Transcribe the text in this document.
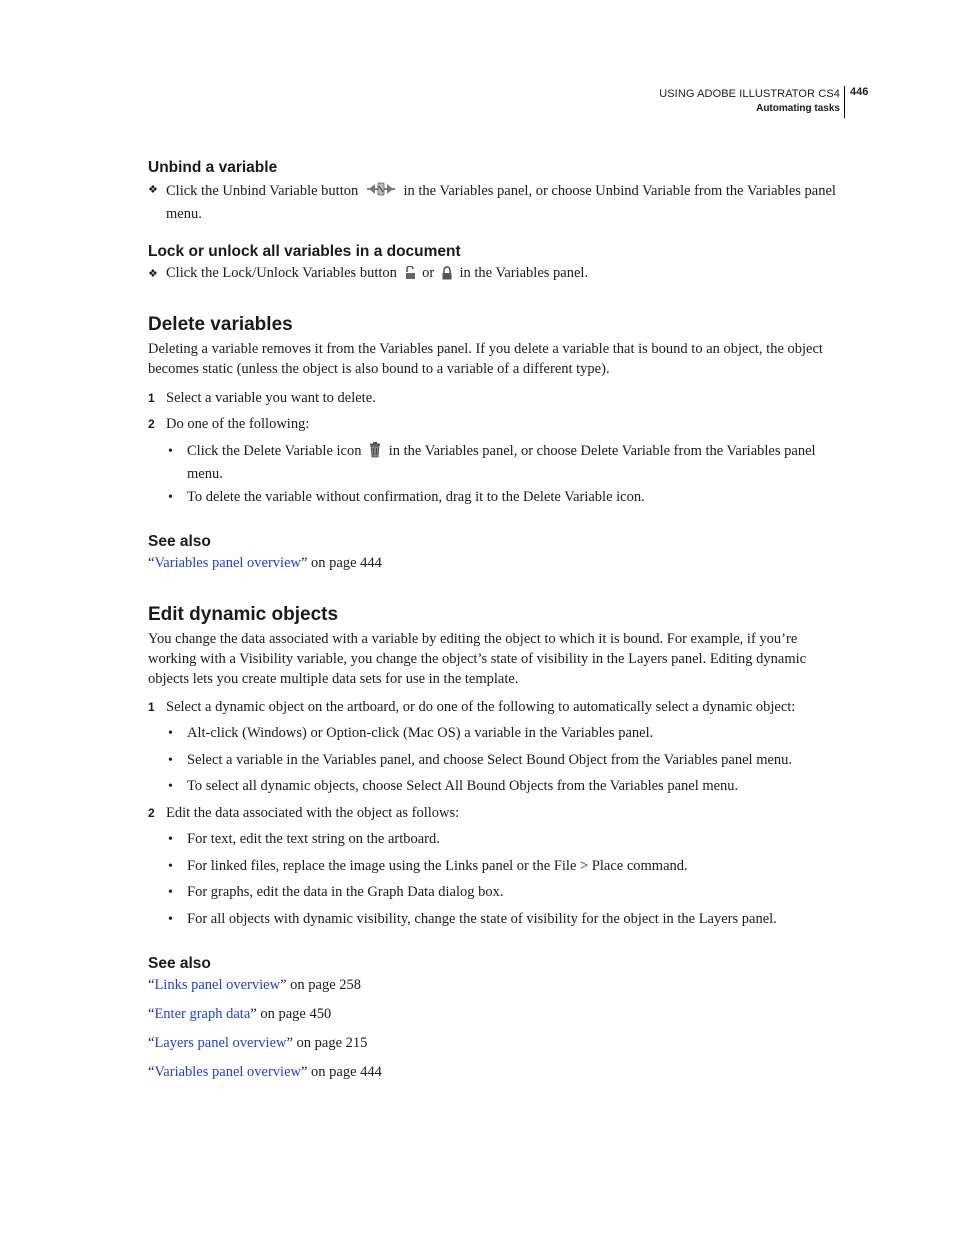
USING ADOBE ILLUSTRATOR CS4
Automating tasks
446
Unbind a variable
❖ Click the Unbind Variable button	in the Variables panel, or choose Unbind Variable from the Variables panel menu.

Lock or unlock all variables in a document
❖ Click the Lock/Unlock Variables button or in the Variables panel.

Delete variables

Deleting a variable removes it from the Variables panel. If you delete a variable that is bound to an object, the object becomes static (unless the object is also bound to a variable of a different type).

1 Select a variable you want to delete.

2 Do one of the following:

• Click the Delete Variable icon in the Variables panel, or choose Delete Variable from the Variables panel menu.

• To delete the variable without confirmation, drag it to the Delete Variable icon.

See also

“Variables panel overview” on page 444

Edit dynamic objects

You change the data associated with a variable by editing the object to which it is bound. For example, if you’re working with a Visibility variable, you change the object’s state of visibility in the Layers panel. Editing dynamic objects lets you create multiple data sets for use in the template.

1 Select a dynamic object on the artboard, or do one of the following to automatically select a dynamic object:

• Alt-click (Windows) or Option-click (Mac OS) a variable in the Variables panel.

• Select a variable in the Variables panel, and choose Select Bound Object from the Variables panel menu.

• To select all dynamic objects, choose Select All Bound Objects from the Variables panel menu.

2 Edit the data associated with the object as follows:

• For text, edit the text string on the artboard.

• For linked files, replace the image using the Links panel or the File > Place command.

• For graphs, edit the data in the Graph Data dialog box.

• For all objects with dynamic visibility, change the state of visibility for the object in the Layers panel.

See also

“Links panel overview” on page 258

“Enter graph data” on page 450

“Layers panel overview” on page 215

“Variables panel overview” on page 444
